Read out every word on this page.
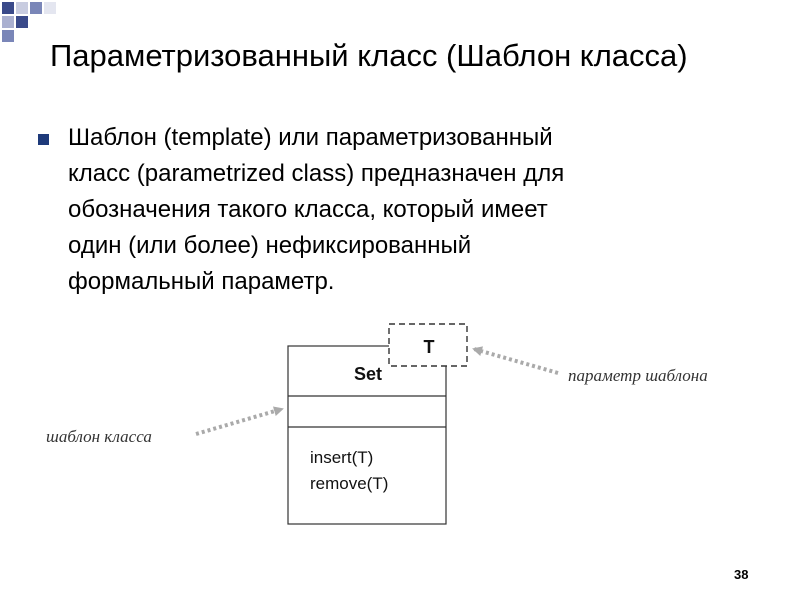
Параметризованный класс (Шаблон класса)
Шаблон (template) или параметризованный
класс (parametrized class) предназначен для
обозначения такого класса, который имеет
один (или более) нефиксированный
формальный параметр.
Set
insert(T)
remove(T)
T
шаблон класса
параметр шаблона
38
